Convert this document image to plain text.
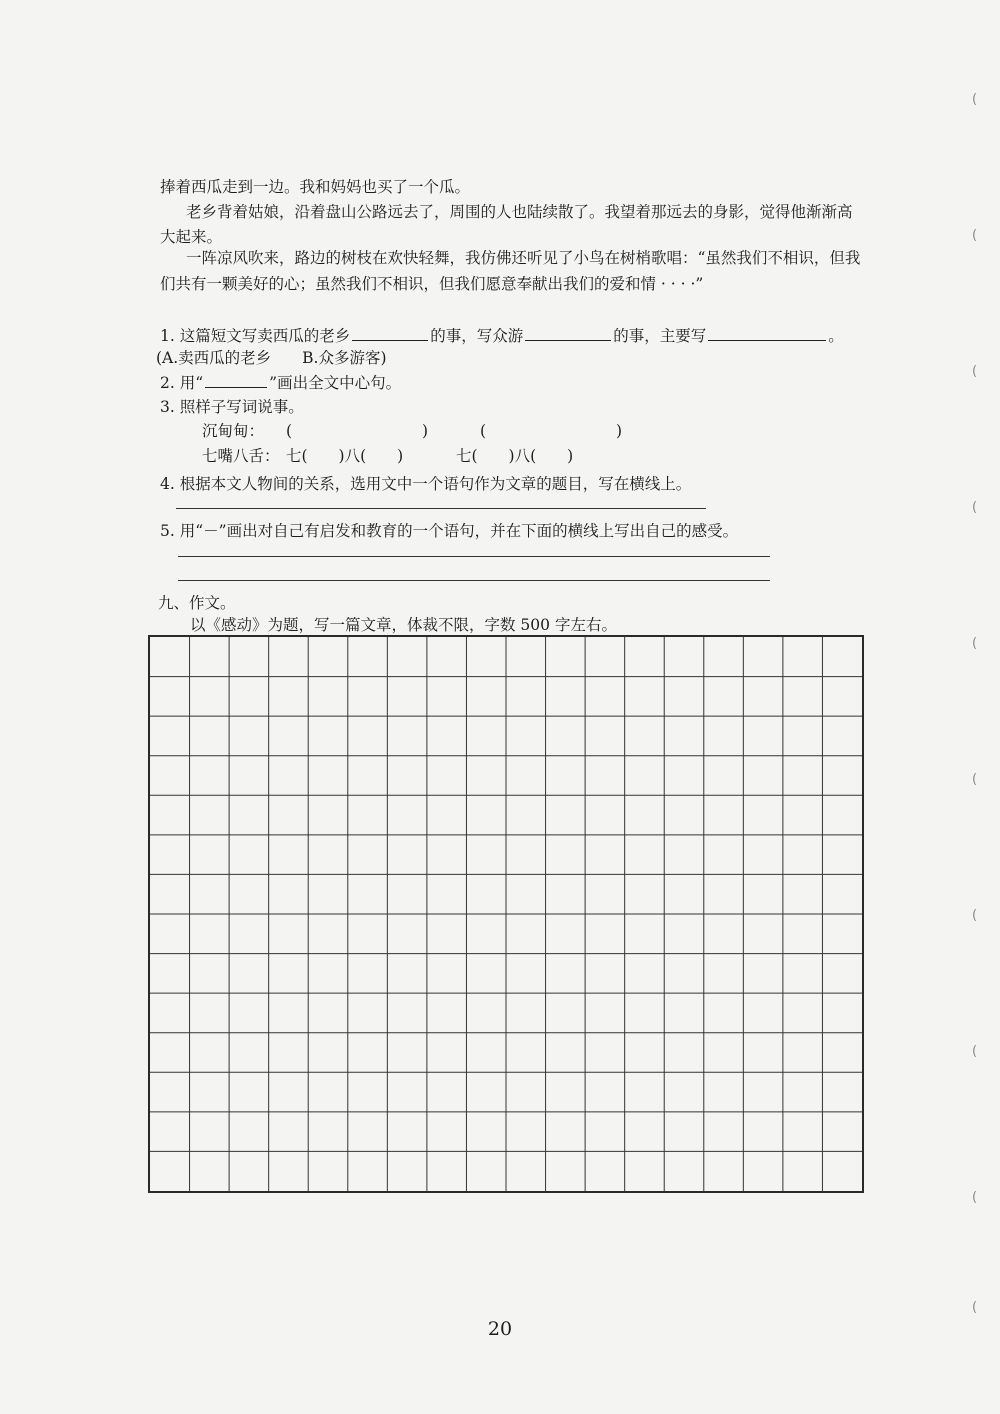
捧着西瓜走到一边。我和妈妈也买了一个瓜。
老乡背着姑娘，沿着盘山公路远去了，周围的人也陆续散了。我望着那远去的身影，觉得他渐渐高
大起来。
一阵凉风吹来，路边的树枝在欢快轻舞，我仿佛还听见了小鸟在树梢歌唱：“虽然我们不相识，但我
们共有一颗美好的心；虽然我们不相识，但我们愿意奉献出我们的爱和情 · · · ·”
1. 这篇短文写卖西瓜的老乡	的事，写众游	的事，主要写	。
(A.卖西瓜的老乡　　B.众多游客)
2. 用“	”画出全文中心句。
3. 照样子写词说事。
沉甸甸： (	)	(	)
七嘴八舌： 七(　　)八(　　)	七(　　)八(　　)
4. 根据本文人物间的关系，选用文中一个语句作为文章的题目，写在横线上。
5. 用“－”画出对自己有启发和教育的一个语句，并在下面的横线上写出自己的感受。
九、作文。
以《感动》为题，写一篇文章，体裁不限，字数 500 字左右。
(
(
(
(
(
(
(
(
(
(
20
